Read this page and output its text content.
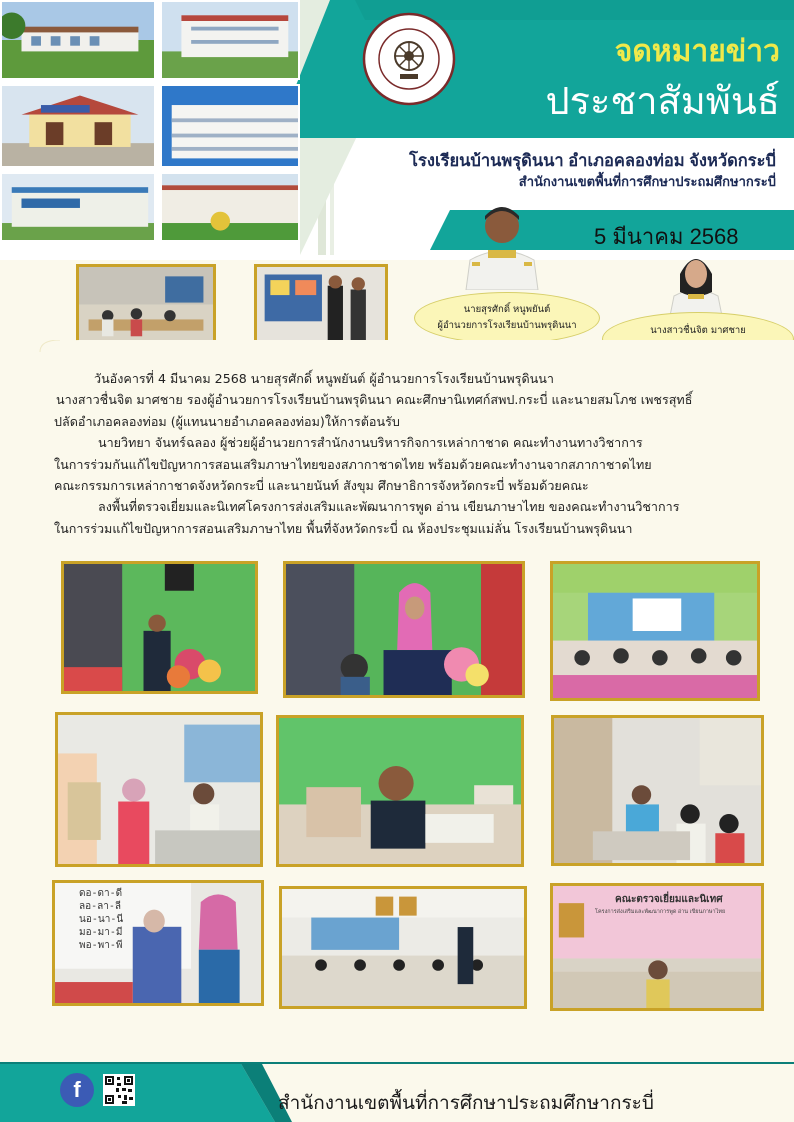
จดหมายข่าว
ประชาสัมพันธ์
โรงเรียนบ้านพรุดินนา อำเภอคลองท่อม จังหวัดกระบี่
สำนักงานเขตพื้นที่การศึกษาประถมศึกษากระบี่
5 มีนาคม 2568
นายสุรศักดิ์ หนูพยันต์
ผู้อำนวยการโรงเรียนบ้านพรุดินนา	นางสาวชื่นจิต มาศชาย

วันอังคารที่ 4 มีนาคม 2568 นายสุรศักดิ์ หนูพยันต์ ผู้อำนวยการโรงเรียนบ้านพรุดินนา

นางสาวชื่นจิต มาศชาย รองผู้อำนวยการโรงเรียนบ้านพรุดินนา คณะศึกษานิเทศก์สพป.กระบี่ และนายสมโภช เพชรสุทธิ์

ปลัดอำเภอคลองท่อม (ผู้แทนนายอำเภอคลองท่อม)ให้การต้อนรับ

นายวิทยา จันทร์ฉลอง ผู้ช่วยผู้อำนวยการสำนักงานบริหารกิจการเหล่ากาชาด คณะทำงานทางวิชาการ

ในการร่วมกันแก้ไขปัญหาการสอนเสริมภาษาไทยของสภากาชาดไทย พร้อมด้วยคณะทำงานจากสภากาชาดไทย

คณะกรรมการเหล่ากาชาดจังหวัดกระบี่ และนายนันท์ สังขุม ศึกษาธิการจังหวัดกระบี่ พร้อมด้วยคณะ

ลงพื้นที่ตรวจเยี่ยมและนิเทศโครงการส่งเสริมและพัฒนาการพูด อ่าน เขียนภาษาไทย ของคณะทำงานวิชาการ

ในการร่วมแก้ไขปัญหาการสอนเสริมภาษาไทย พื้นที่จังหวัดกระบี่ ณ ห้องประชุมแม่ลั่น โรงเรียนบ้านพรุดินนา

ดอ-ดา-ดี
ลอ-ลา-ลี
นอ-นา-นี
มอ-มา-มี
พอ-พา-พี
คณะตรวจเยี่ยมและนิเทศ
โครงการส่งเสริมและพัฒนาการพูด อ่าน เขียนภาษาไทย
f
สำนักงานเขตพื้นที่การศึกษาประถมศึกษากระบี่
